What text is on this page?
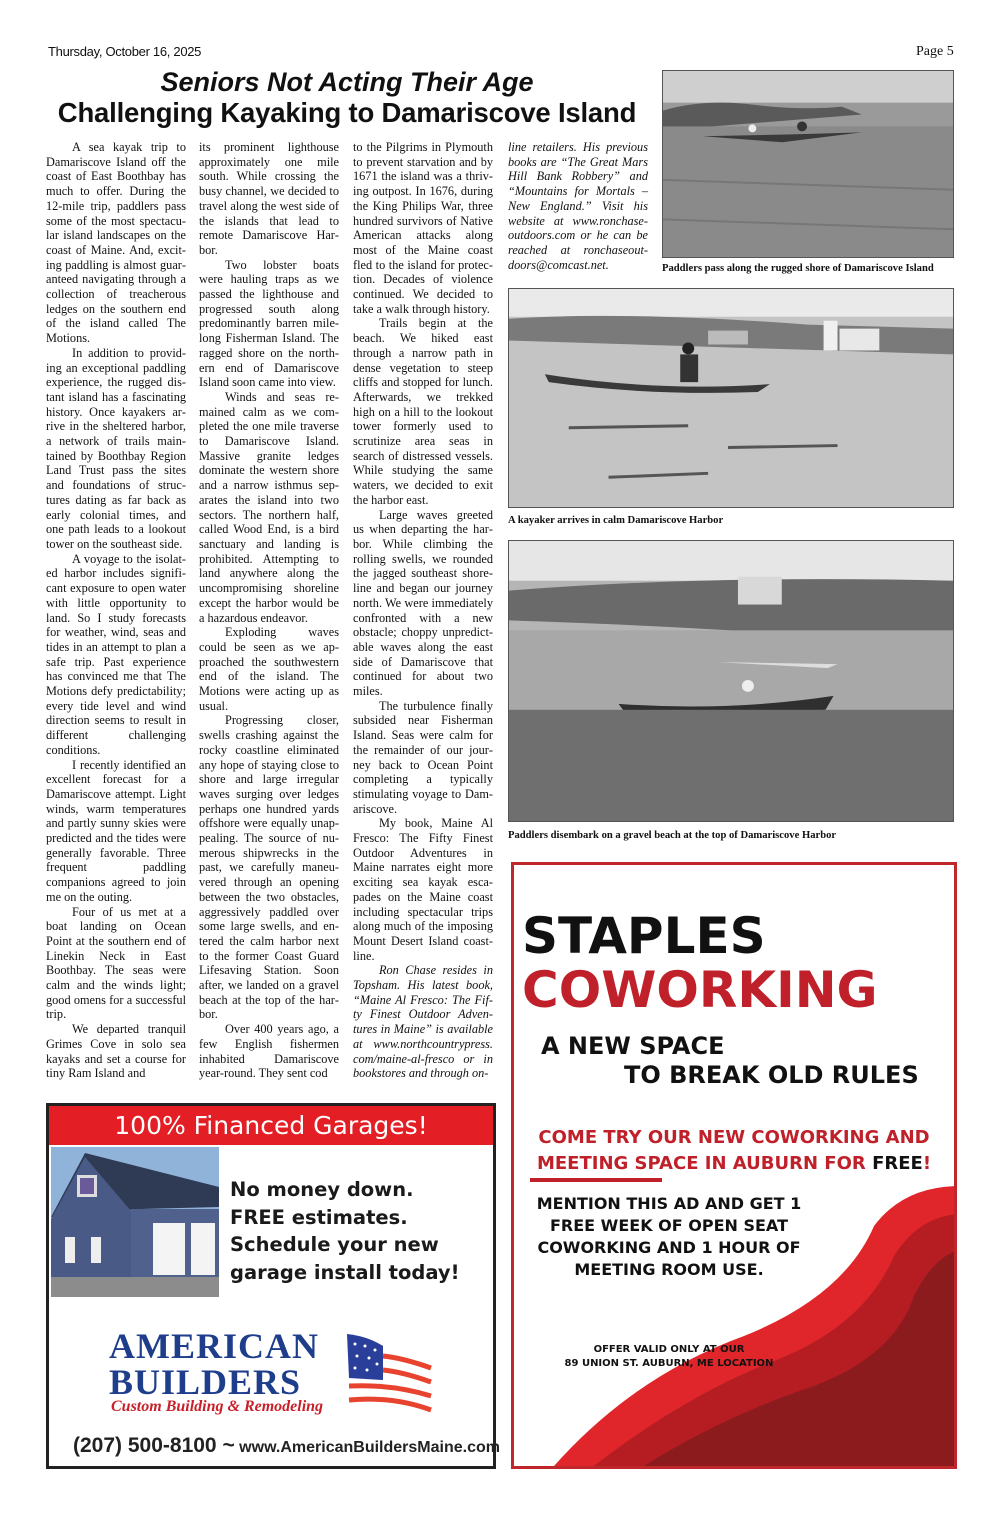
Thursday, October 16, 2025	Page 5
Seniors Not Acting Their Age
Challenging Kayaking to Damariscove Island

A sea kayak trip to Damariscove Island off the coast of East Boothbay has much to offer. During the 12-mile trip, paddlers pass some of the most spectacular island landscapes on the coast of Maine. And, exciting paddling is almost guaranteed navigating through a collection of treacherous ledges on the southern end of the island called The Motions.

In addition to providing an exceptional paddling experience, the rugged distant island has a fascinating history. Once kayakers arrive in the sheltered harbor, a network of trails maintained by Boothbay Region Land Trust pass the sites and foundations of structures dating as far back as early colonial times, and one path leads to a lookout tower on the southeast side.

A voyage to the isolated harbor includes significant exposure to open water with little opportunity to land. So I study forecasts for weather, wind, seas and tides in an attempt to plan a safe trip. Past experience has convinced me that The Motions defy predictability; every tide level and wind direction seems to result in different challenging conditions.

I recently identified an excellent forecast for a Damariscove attempt. Light winds, warm temperatures and partly sunny skies were predicted and the tides were generally favorable. Three frequent paddling companions agreed to join me on the outing.

Four of us met at a boat landing on Ocean Point at the southern end of Linekin Neck in East Boothbay. The seas were calm and the winds light; good omens for a successful trip.

We departed tranquil Grimes Cove in solo sea kayaks and set a course for tiny Ram Island and

its prominent lighthouse approximately one mile south. While crossing the busy channel, we decided to travel along the west side of the islands that lead to remote Damariscove Harbor.

Two lobster boats were hauling traps as we passed the lighthouse and progressed south along predominantly barren mile-long Fisherman Island. The ragged shore on the northern end of Damariscove Island soon came into view.

Winds and seas remained calm as we completed the one mile traverse to Damariscove Island. Massive granite ledges dominate the western shore and a narrow isthmus separates the island into two sectors. The northern half, called Wood End, is a bird sanctuary and landing is prohibited. Attempting to land anywhere along the uncompromising shoreline except the harbor would be a hazardous endeavor.

Exploding waves could be seen as we approached the southwestern end of the island. The Motions were acting up as usual.

Progressing closer, swells crashing against the rocky coastline eliminated any hope of staying close to shore and large irregular waves surging over ledges perhaps one hundred yards offshore were equally unappealing. The source of numerous shipwrecks in the past, we carefully maneuvered through an opening between the two obstacles, aggressively paddled over some large swells, and entered the calm harbor next to the former Coast Guard Lifesaving Station. Soon after, we landed on a gravel beach at the top of the harbor.

Over 400 years ago, a few English fishermen inhabited Damariscove year-round. They sent cod

to the Pilgrims in Plymouth to prevent starvation and by 1671 the island was a thriving outpost. In 1676, during the King Philips War, three hundred survivors of Native American attacks along most of the Maine coast fled to the island for protection. Decades of violence continued. We decided to take a walk through history.

Trails begin at the beach. We hiked east through a narrow path in dense vegetation to steep cliffs and stopped for lunch. Afterwards, we trekked high on a hill to the lookout tower formerly used to scrutinize area seas in search of distressed vessels. While studying the same waters, we decided to exit the harbor east.

Large waves greeted us when departing the harbor. While climbing the rolling swells, we rounded the jagged southeast shoreline and began our journey north. We were immediately confronted with a new obstacle; choppy unpredictable waves along the east side of Damariscove that continued for about two miles.

The turbulence finally subsided near Fisherman Island. Seas were calm for the remainder of our journey back to Ocean Point completing a typically stimulating voyage to Damariscove.

My book, Maine Al Fresco: The Fifty Finest Outdoor Adventures in Maine narrates eight more exciting sea kayak escapades on the Maine coast including spectacular trips along much of the imposing Mount Desert Island coastline.

Ron Chase resides in Topsham. His latest book, “Maine Al Fresco: The Fifty Finest Outdoor Adventures in Maine” is available at www.northcountrypress. com/maine-al-fresco or in bookstores and through on-

line retailers. His previous books are “The Great Mars Hill Bank Robbery” and “Mountains for Mortals – New England.” Visit his website at www.ronchaseoutdoors.com or he can be reached at ronchaseoutdoors@comcast.net.	Paddlers pass along the rugged shore of Damariscove Island
A kayaker arrives in calm Damariscove Harbor
Paddlers disembark on a gravel beach at the top of Damariscove Harbor
100% Financed Garages!
No money down.
FREE estimates.
Schedule your new
garage install today!
AMERICAN
BUILDERS
Custom Building & Remodeling
(207) 500-8100 ~ www.AmericanBuildersMaine.com
STAPLES
COWORKING
A NEW SPACE
TO BREAK OLD RULES
COME TRY OUR NEW COWORKING AND MEETING SPACE IN AUBURN FOR FREE!
MENTION THIS AD AND GET 1 FREE WEEK OF OPEN SEAT COWORKING AND 1 HOUR OF MEETING ROOM USE.
OFFER VALID ONLY AT OUR
89 UNION ST. AUBURN, ME LOCATION
